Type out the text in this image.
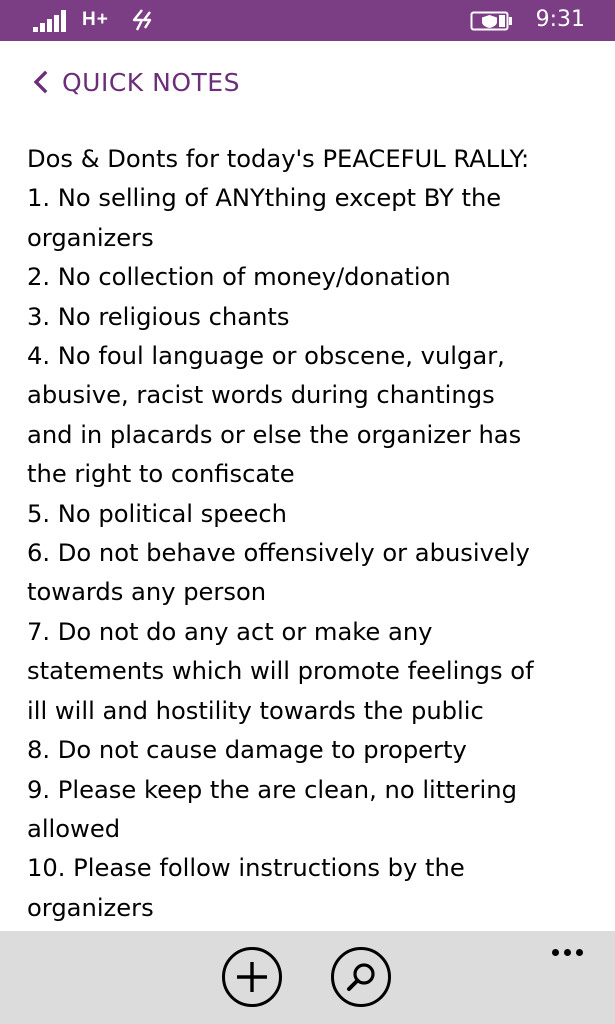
H+	9:31
QUICK NOTES
Dos & Donts for today's PEACEFUL RALLY:
1. No selling of ANYthing except BY the
organizers
2. No collection of money/donation
3. No religious chants
4. No foul language or obscene, vulgar,
abusive, racist words during chantings
and in placards or else the organizer has
the right to confiscate
5. No political speech
6. Do not behave offensively or abusively
towards any person
7. Do not do any act or make any
statements which will promote feelings of
ill will and hostility towards the public
8. Do not cause damage to property
9. Please keep the are clean, no littering
allowed
10. Please follow instructions by the
organizers
